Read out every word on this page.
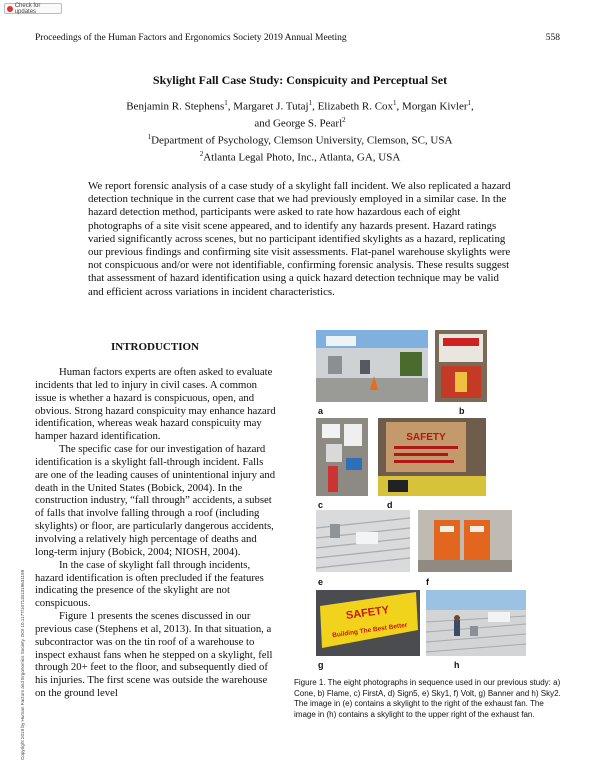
Check for updates
Proceedings of the Human Factors and Ergonomics Society 2019 Annual Meeting	558
Skylight Fall Case Study: Conspicuity and Perceptual Set
Benjamin R. Stephens$^1$, Margaret J. Tutaj$^1$, Elizabeth R. Cox$^1$, Morgan Kivler$^1$,
and George S. Pearl$^2$
$^1$Department of Psychology, Clemson University, Clemson, SC, USA
$^2$Atlanta Legal Photo, Inc., Atlanta, GA, USA
We report forensic analysis of a case study of a skylight fall incident. We also replicated a hazard detection technique in the current case that we had previously employed in a similar case. In the hazard detection method, participants were asked to rate how hazardous each of eight photographs of a site visit scene appeared, and to identify any hazards present. Hazard ratings varied significantly across scenes, but no participant identified skylights as a hazard, replicating our previous findings and confirming site visit assessments. Flat-panel warehouse skylights were not conspicuous and/or were not identifiable, confirming forensic analysis. These results suggest that assessment of hazard identification using a quick hazard detection technique may be valid and efficient across variations in incident characteristics.
INTRODUCTION

Human factors experts are often asked to evaluate incidents that led to injury in civil cases. A common issue is whether a hazard is conspicuous, open, and obvious. Strong hazard conspicuity may enhance hazard identification, whereas weak hazard conspicuity may hamper hazard identification.

The specific case for our investigation of hazard identification is a skylight fall-through incident. Falls are one of the leading causes of unintentional injury and death in the United States (Bobick, 2004). In the construction industry, “fall through” accidents, a subset of falls that involve falling through a roof (including skylights) or floor, are particularly dangerous accidents, involving a relatively high percentage of deaths and long-term injury (Bobick, 2004; NIOSH, 2004).

In the case of skylight fall through incidents, hazard identification is often precluded if the features indicating the presence of the skylight are not conspicuous.

Figure 1 presents the scenes discussed in our previous case (Stephens et al, 2013). In that situation, a subcontractor was on the tin roof of a warehouse to inspect exhaust fans when he stepped on a skylight, fell through 20+ feet to the floor, and subsequently died of his injuries. The first scene was outside the warehouse on the ground level

Copyright 2019 by Human Factors and Ergonomics Society. DOI 10.1177/1071181319631199
a	b
c
SAFETY
d
e	f
SAFETY
Building The Best Better
g	h
Figure 1. The eight photographs in sequence used in our previous study: a) Cone, b) Flame, c) FirstA, d) Sign5, e) Sky1, f) Volt, g) Banner and h) Sky2. The image in (e) contains a skylight to the right of the exhaust fan. The image in (h) contains a skylight to the upper right of the exhaust fan.
